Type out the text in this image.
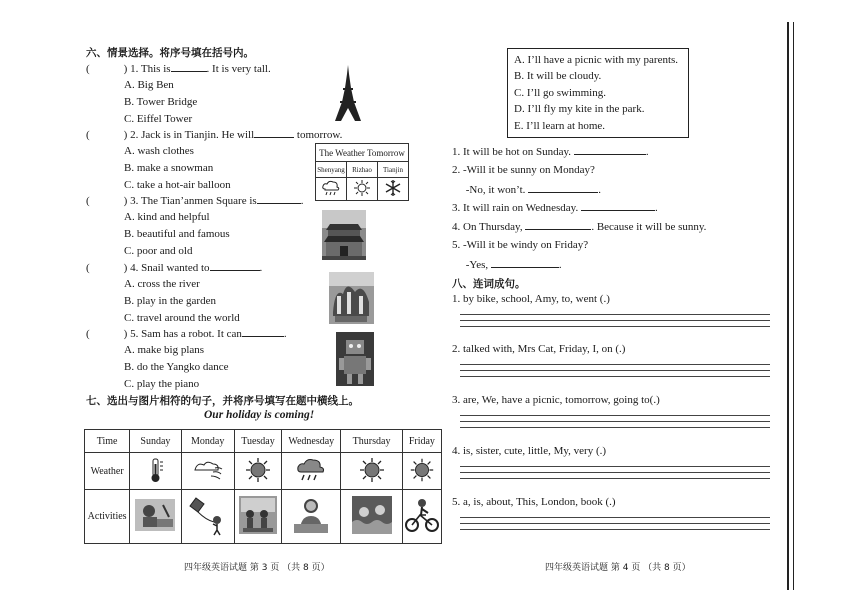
六、情景选择。将序号填在括号内。
(	) 1. This is	. It is very tall.
A. Big Ben
B. Tower Bridge
C. Eiffel Tower
(	) 2. Jack is in Tianjin. He will	tomorrow.
A. wash clothes
B. make a snowman
C. take a hot-air balloon
The Weather Tomorrow		
Shenyang	Rizhao	Tianjin

(	) 3. The Tian’anmen Square is	.
A. kind and helpful
B. beautiful and famous
C. poor and old
(	) 4. Snail wanted to	.
A. cross the river
B. play in the garden
C. travel around the world
(	) 5. Sam has a robot. It can	.
A. make big plans
B. do the Yangko dance
C. play the piano
七、选出与图片相符的句子，并将序号填写在题中横线上。
Our holiday is coming!
Time	Sunday	Monday	Tuesday	Wednesday	Thursday	Friday
Weather						
Activities						
四年级英语试题 第 3 页 （共 8 页）
A. I’ll have a picnic with my parents.
B. It will be cloudy.
C. I’ll go swimming.
D. I’ll fly my kite in the park.
E. I’ll learn at home.
1. It will be hot on Sunday.	.
2. -Will it be sunny on Monday?
-No, it won’t.	.
3. It will rain on Wednesday.	.
4. On Thursday,	. Because it will be sunny.
5. -Will it be windy on Friday?
-Yes,	.
八、连词成句。
1. by bike, school, Amy, to, went (.)
2. talked with, Mrs Cat, Friday, I, on (.)
3. are, We, have a picnic, tomorrow, going to(.)
4. is, sister, cute, little, My, very (.)
5. a, is, about, This, London, book (.)
四年级英语试题 第 4 页 （共 8 页）
